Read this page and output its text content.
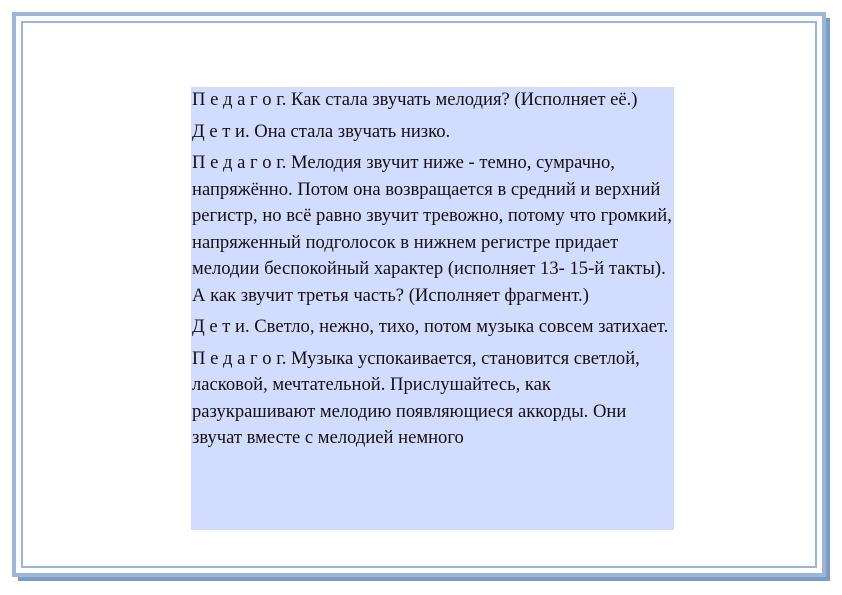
П е д а г о г. Как стала звучать мелодия? (Исполняет её.)

Д е т и. Она стала звучать низко.

П е д а г о г. Мелодия звучит ниже - темно, сумрачно, напряжённо. Потом она возвращается в средний и верхний регистр, но всё равно звучит тревожно, потому что громкий, напряженный подголосок в нижнем регистре придает мелодии беспокойный характер (исполняет 13- 15-й такты). А как звучит третья часть? (Исполняет фрагмент.)

Д е т и. Светло, нежно, тихо, потом музыка совсем затихает.

П е д а г о г. Музыка успокаивается, становится светлой, ласковой, мечтательной. Прислушайтесь, как разукрашивают мелодию появляющиеся аккорды. Они звучат вместе с мелодией немного
